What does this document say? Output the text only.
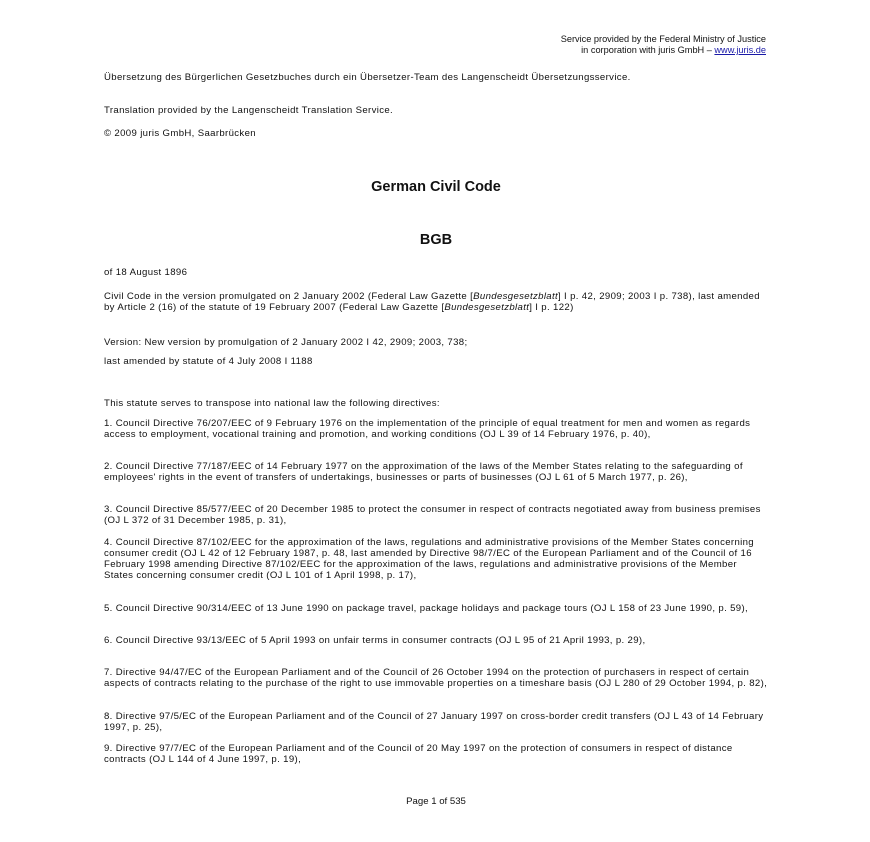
Service provided by the Federal Ministry of Justice
in corporation with juris GmbH – www.juris.de

Übersetzung des Bürgerlichen Gesetzbuches durch ein Übersetzer-Team des Langenscheidt Übersetzungsservice.

Translation provided by the Langenscheidt Translation Service.

© 2009 juris GmbH, Saarbrücken

German Civil Code
BGB

of 18 August 1896

Civil Code in the version promulgated on 2 January 2002 (Federal Law Gazette [Bundesgesetzblatt] I p. 42, 2909; 2003 I p. 738), last amended by Article 2 (16) of the statute of 19 February 2007 (Federal Law Gazette [Bundesgesetzblatt] I p. 122)

Version: New version by promulgation of 2 January 2002 I 42, 2909; 2003, 738;

last amended by statute of 4 July 2008 I 1188

This statute serves to transpose into national law the following directives:

1. Council Directive 76/207/EEC of 9 February 1976 on the implementation of the principle of equal treatment for men and women as regards access to employment, vocational training and promotion, and working conditions (OJ L 39 of 14 February 1976, p. 40),

2. Council Directive 77/187/EEC of 14 February 1977 on the approximation of the laws of the Member States relating to the safeguarding of employees' rights in the event of transfers of undertakings, businesses or parts of businesses (OJ L 61 of 5 March 1977, p. 26),

3. Council Directive 85/577/EEC of 20 December 1985 to protect the consumer in respect of contracts negotiated away from business premises (OJ L 372 of 31 December 1985, p. 31),

4. Council Directive 87/102/EEC for the approximation of the laws, regulations and administrative provisions of the Member States concerning consumer credit (OJ L 42 of 12 February 1987, p. 48, last amended by Directive 98/7/EC of the European Parliament and of the Council of 16 February 1998 amending Directive 87/102/EEC for the approximation of the laws, regulations and administrative provisions of the Member States concerning consumer credit (OJ L 101 of 1 April 1998, p. 17),

5. Council Directive 90/314/EEC of 13 June 1990 on package travel, package holidays and package tours (OJ L 158 of 23 June 1990, p. 59),

6. Council Directive 93/13/EEC of 5 April 1993 on unfair terms in consumer contracts (OJ L 95 of 21 April 1993, p. 29),

7. Directive 94/47/EC of the European Parliament and of the Council of 26 October 1994 on the protection of purchasers in respect of certain aspects of contracts relating to the purchase of the right to use immovable properties on a timeshare basis (OJ L 280 of 29 October 1994, p. 82),

8. Directive 97/5/EC of the European Parliament and of the Council of 27 January 1997 on cross-border credit transfers (OJ L 43 of 14 February 1997, p. 25),

9. Directive 97/7/EC of the European Parliament and of the Council of 20 May 1997 on the protection of consumers in respect of distance contracts (OJ L 144 of 4 June 1997, p. 19),

Page 1 of 535
